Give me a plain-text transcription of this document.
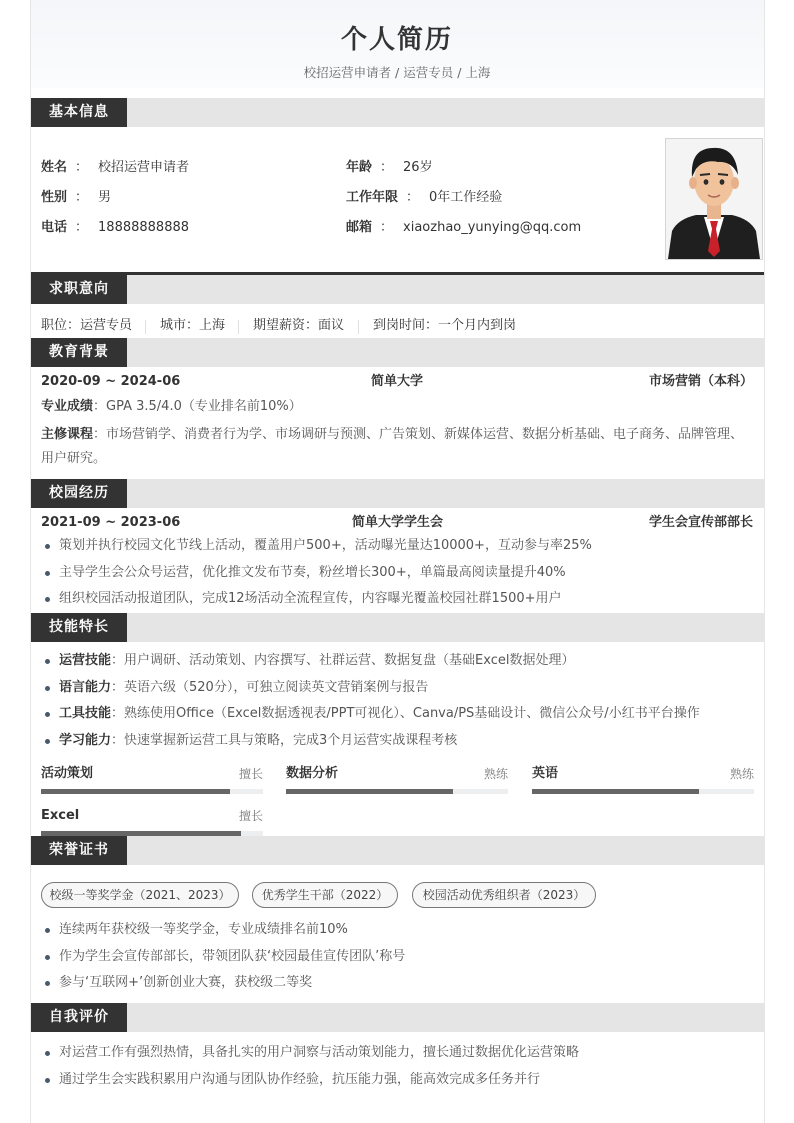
个人简历
校招运营申请者 / 运营专员 / 上海
基本信息
姓名 ： 校招运营申请者	年龄 ： 26岁
性别 ： 男	工作年限 ： 0年工作经验
电话 ： 18888888888	邮箱 ： xiaozhao_yunying@qq.com
求职意向
职位：运营专员 城市：上海 期望薪资：面议 到岗时间：一个月内到岗
教育背景
2020-09 ~ 2024-06	简单大学	市场营销（本科）
专业成绩：GPA 3.5/4.0（专业排名前10%）
主修课程：市场营销学、消费者行为学、市场调研与预测、广告策划、新媒体运营、数据分析基础、电子商务、品牌管理、用户研究。
校园经历
2021-09 ~ 2023-06	简单大学学生会	学生会宣传部部长
策划并执行校园文化节线上活动，覆盖用户500+，活动曝光量达10000+，互动参与率25%
主导学生会公众号运营，优化推文发布节奏，粉丝增长300+，单篇最高阅读量提升40%
组织校园活动报道团队，完成12场活动全流程宣传，内容曝光覆盖校园社群1500+用户
技能特长
运营技能：用户调研、活动策划、内容撰写、社群运营、数据复盘（基础Excel数据处理）
语言能力：英语六级（520分），可独立阅读英文营销案例与报告
工具技能：熟练使用Office（Excel数据透视表/PPT可视化）、Canva/PS基础设计、微信公众号/小红书平台操作
学习能力：快速掌握新运营工具与策略，完成3个月运营实战课程考核
活动策划	擅长 数据分析	熟练 英语	熟练
Excel	擅长
荣誉证书
校级一等奖学金（2021、2023）	优秀学生干部（2022）	校园活动优秀组织者（2023）
连续两年获校级一等奖学金，专业成绩排名前10%
作为学生会宣传部部长，带领团队获‘校园最佳宣传团队’称号
参与‘互联网+’创新创业大赛，获校级二等奖
自我评价
对运营工作有强烈热情，具备扎实的用户洞察与活动策划能力，擅长通过数据优化运营策略
通过学生会实践积累用户沟通与团队协作经验，抗压能力强，能高效完成多任务并行
